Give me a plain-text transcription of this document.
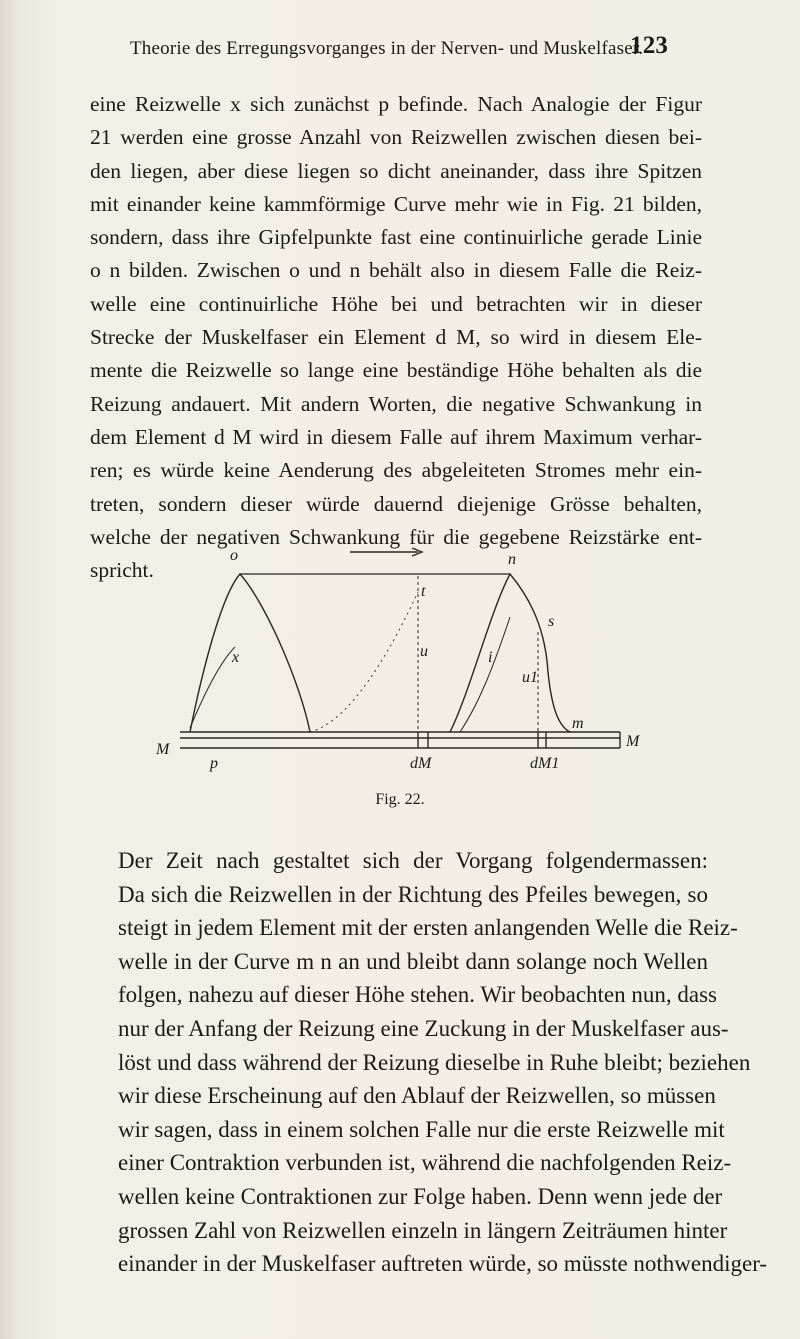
Theorie des Erregungsvorganges in der Nerven- und Muskelfaser.
123
eine Reizwelle x sich zunächst p befinde. Nach Analogie der Figur
21 werden eine grosse Anzahl von Reizwellen zwischen diesen bei-
den liegen, aber diese liegen so dicht aneinander, dass ihre Spitzen
mit einander keine kammförmige Curve mehr wie in Fig. 21 bilden,
sondern, dass ihre Gipfelpunkte fast eine continuirliche gerade Linie
o n bilden. Zwischen o und n behält also in diesem Falle die Reiz-
welle eine continuirliche Höhe bei und betrachten wir in dieser
Strecke der Muskelfaser ein Element d M, so wird in diesem Ele-
mente die Reizwelle so lange eine beständige Höhe behalten als die
Reizung andauert. Mit andern Worten, die negative Schwankung in
dem Element d M wird in diesem Falle auf ihrem Maximum verhar-
ren; es würde keine Aenderung des abgeleiteten Stromes mehr ein-
treten, sondern dieser würde dauernd diejenige Grösse behalten,
welche der negativen Schwankung für die gegebene Reizstärke ent-
spricht.
o	n
t
x	u
s
i
u1
m
M	M
p	dM	dM1
Fig. 22.
Der Zeit nach gestaltet sich der Vorgang folgendermassen:
Da sich die Reizwellen in der Richtung des Pfeiles bewegen, so
steigt in jedem Element mit der ersten anlangenden Welle die Reiz-
welle in der Curve m n an und bleibt dann solange noch Wellen
folgen, nahezu auf dieser Höhe stehen. Wir beobachten nun, dass
nur der Anfang der Reizung eine Zuckung in der Muskelfaser aus-
löst und dass während der Reizung dieselbe in Ruhe bleibt; beziehen
wir diese Erscheinung auf den Ablauf der Reizwellen, so müssen
wir sagen, dass in einem solchen Falle nur die erste Reizwelle mit
einer Contraktion verbunden ist, während die nachfolgenden Reiz-
wellen keine Contraktionen zur Folge haben. Denn wenn jede der
grossen Zahl von Reizwellen einzeln in längern Zeiträumen hinter
einander in der Muskelfaser auftreten würde, so müsste nothwendiger-
